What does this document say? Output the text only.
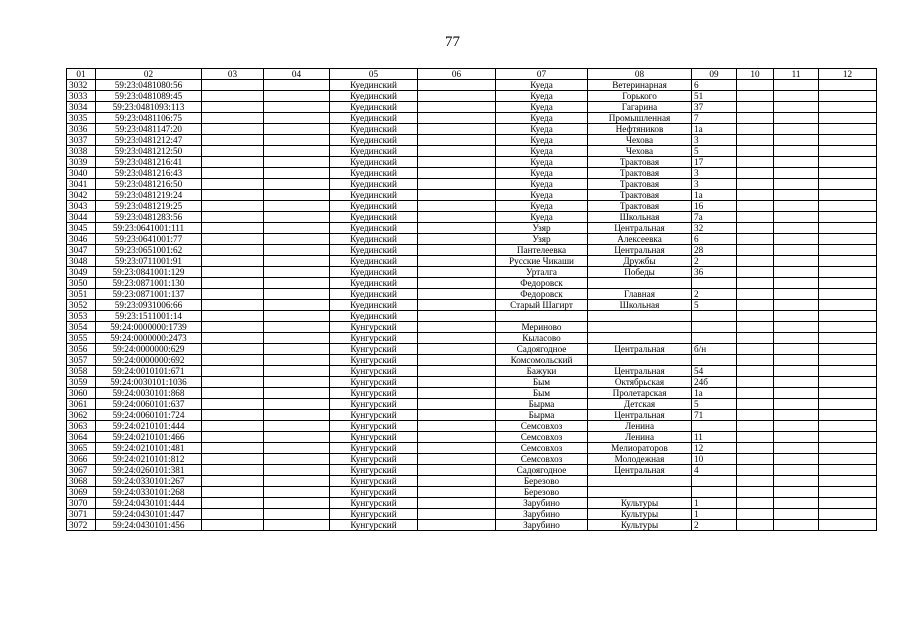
77
01	02	03	04	05	06	07	08	09	10	11	12
3032	59:23:0481080:56			Куединский		Куеда	Ветеринарная	6			
3033	59:23:0481089:45			Куединский		Куеда	Горького	51			
3034	59:23:0481093:113			Куединский		Куеда	Гагарина	37			
3035	59:23:0481106:75			Куединский		Куеда	Промышленная	7			
3036	59:23:0481147:20			Куединский		Куеда	Нефтяников	1а			
3037	59:23:0481212:47			Куединский		Куеда	Чехова	3			
3038	59:23:0481212:50			Куединский		Куеда	Чехова	5			
3039	59:23:0481216:41			Куединский		Куеда	Трактовая	17			
3040	59:23:0481216:43			Куединский		Куеда	Трактовая	3			
3041	59:23:0481216:50			Куединский		Куеда	Трактовая	3			
3042	59:23:0481219:24			Куединский		Куеда	Трактовая	1а			
3043	59:23:0481219:25			Куединский		Куеда	Трактовая	16			
3044	59:23:0481283:56			Куединский		Куеда	Школьная	7а			
3045	59:23:0641001:111			Куединский		Узяр	Центральная	32			
3046	59:23:0641001:77			Куединский		Узяр	Алексеевка	6			
3047	59:23:0651001:62			Куединский		Пантелеевка	Центральная	28			
3048	59:23:0711001:91			Куединский		Русские Чикаши	Дружбы	2			
3049	59:23:0841001:129			Куединский		Урталга	Победы	36			
3050	59:23:0871001:130			Куединский		Федоровск					
3051	59:23:0871001:137			Куединский		Федоровск	Главная	2			
3052	59:23:0931006:66			Куединский		Старый Шагирт	Школьная	5			
3053	59:23:1511001:14			Куединский							
3054	59:24:0000000:1739			Кунгурский		Мериново					
3055	59:24:0000000:2473			Кунгурский		Кыласово					
3056	59:24:0000000:629			Кунгурский		Садоягодное	Центральная	б/н			
3057	59:24:0000000:692			Кунгурский		Комсомольский					
3058	59:24:0010101:671			Кунгурский		Бажуки	Центральная	54			
3059	59:24:0030101:1036			Кунгурский		Бым	Октябрьская	24б			
3060	59:24:0030101:868			Кунгурский		Бым	Пролетарская	1а			
3061	59:24:0060101:637			Кунгурский		Бырма	Детская	5			
3062	59:24:0060101:724			Кунгурский		Бырма	Центральная	71			
3063	59:24:0210101:444			Кунгурский		Семсовхоз	Ленина				
3064	59:24:0210101:466			Кунгурский		Семсовхоз	Ленина	11			
3065	59:24:0210101:481			Кунгурский		Семсовхоз	Мелиораторов	12			
3066	59:24:0210101:812			Кунгурский		Семсовхоз	Молодежная	10			
3067	59:24:0260101:381			Кунгурский		Садоягодное	Центральная	4			
3068	59:24:0330101:267			Кунгурский		Березово					
3069	59:24:0330101:268			Кунгурский		Березово					
3070	59:24:0430101:444			Кунгурский		Зарубино	Культуры	1			
3071	59:24:0430101:447			Кунгурский		Зарубино	Культуры	1			
3072	59:24:0430101:456			Кунгурский		Зарубино	Культуры	2			
